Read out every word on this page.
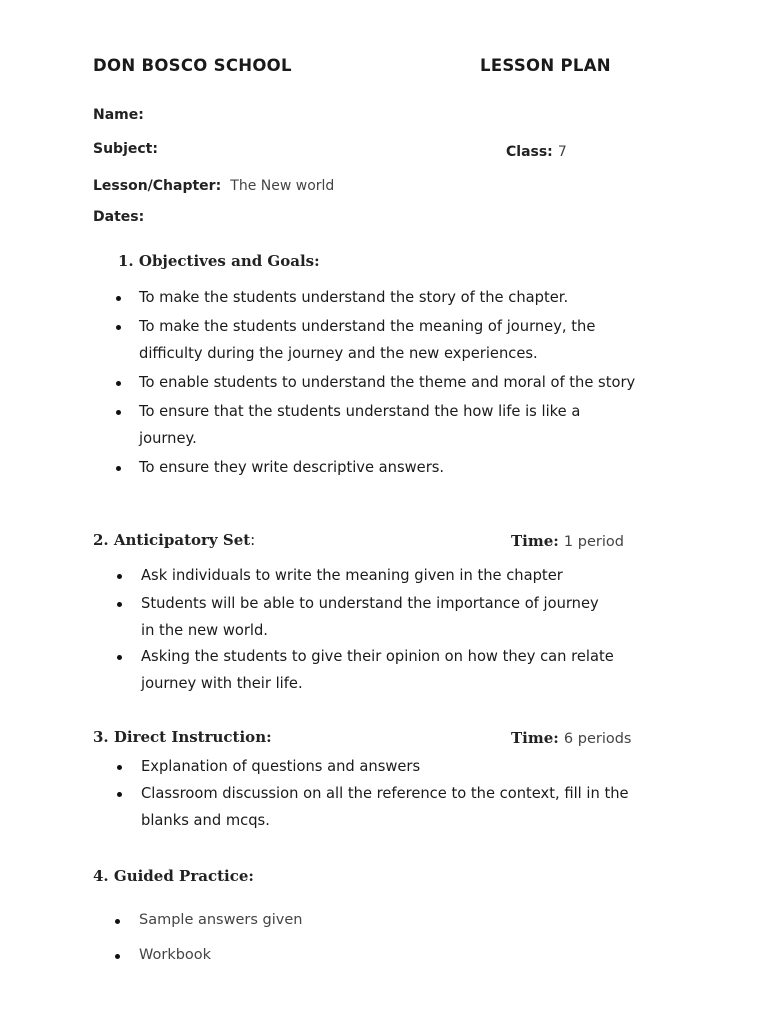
DON BOSCO SCHOOL	LESSON PLAN
Name:
Subject:	Class: 7
Lesson/Chapter: The New world
Dates:
1. Objectives and Goals:
To make the students understand the story of the chapter.
To make the students understand the meaning of journey, the
difficulty during the journey and the new experiences.
To enable students to understand the theme and moral of the story
To ensure that the students understand the how life is like a
journey.
To ensure they write descriptive answers.
2. Anticipatory Set:	Time: 1 period
Ask individuals to write the meaning given in the chapter
Students will be able to understand the importance of journey
in the new world.
Asking the students to give their opinion on how they can relate
journey with their life.
3. Direct Instruction:	Time: 6 periods
Explanation of questions and answers
Classroom discussion on all the reference to the context, fill in the
blanks and mcqs.
4. Guided Practice:
Sample answers given
Workbook
